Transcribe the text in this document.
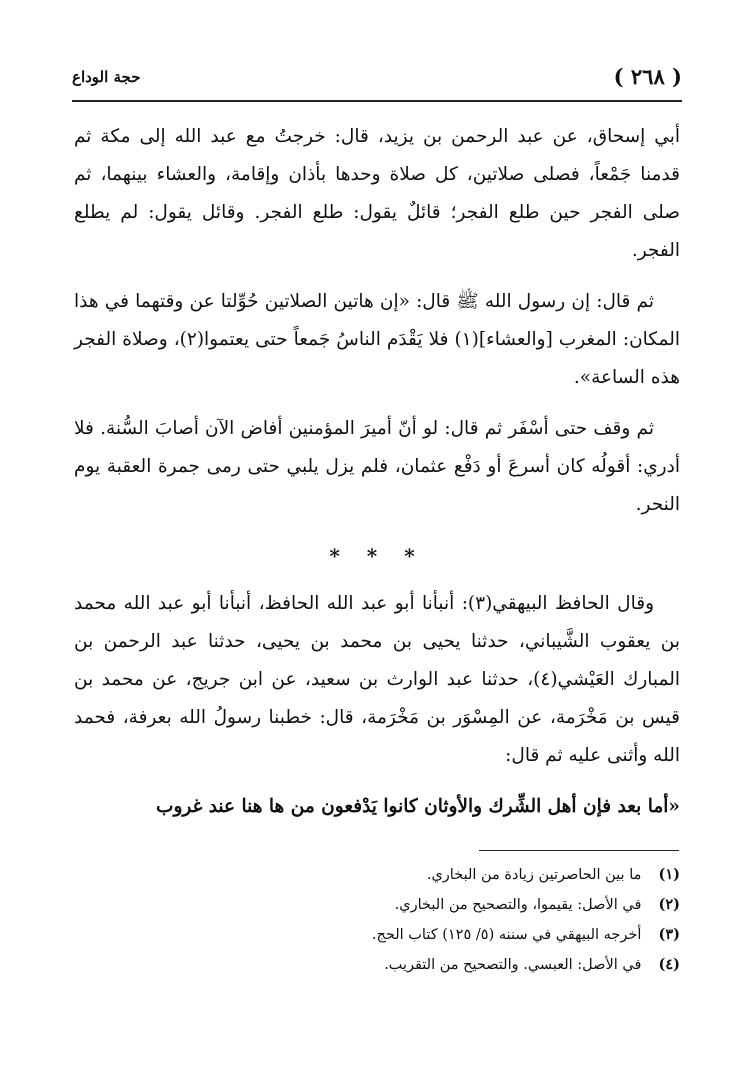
( ٢٦٨ )
حجة الوداع

أبي إسحاق، عن عبد الرحمن بن يزيد، قال: خرجتُ مع عبد الله إلى مكة ثم قدمنا جَمْعاً، فصلى صلاتين، كل صلاة وحدها بأذان وإقامة، والعشاء بينهما، ثم صلى الفجر حين طلع الفجر؛ قائلٌ يقول: طلع الفجر. وقائل يقول: لم يطلع الفجر.

ثم قال: إن رسول الله ﷺ قال: «إن هاتين الصلاتين حُوِّلتا عن وقتهما في هذا المكان: المغرب [والعشاء](١) فلا يَقْدَم الناسُ جَمعاً حتى يعتموا(٢)، وصلاة الفجر هذه الساعة».

ثم وقف حتى أسْفَر ثم قال: لو أنّ أميرَ المؤمنين أفاض الآن أصابَ السُّنة. فلا أدري: أقولُه كان أسرعَ أو دَفْع عثمان، فلم يزل يلبي حتى رمى جمرة العقبة يوم النحر.

* * *

وقال الحافظ البيهقي(٣): أنبأنا أبو عبد الله الحافظ، أنبأنا أبو عبد الله محمد بن يعقوب الشَّيباني، حدثنا يحيى بن محمد بن يحيى، حدثنا عبد الرحمن بن المبارك العَيْشي(٤)، حدثنا عبد الوارث بن سعيد، عن ابن جريج، عن محمد بن قيس بن مَخْرَمة، عن المِسْوَر بن مَخْرَمة، قال: خطبنا رسولُ الله بعرفة، فحمد الله وأثنى عليه ثم قال:

«أما بعد فإن أهل الشِّرك والأوثان كانوا يَدْفعون من ها هنا عند غروب

(١) ما بين الحاصرتين زيادة من البخاري.

(٢) في الأصل: يقيموا، والتصحيح من البخاري.

(٣) أخرجه البيهقي في سننه (٥/ ١٢٥) كتاب الحج.

(٤) في الأصل: العبسي. والتصحيح من التقريب.
